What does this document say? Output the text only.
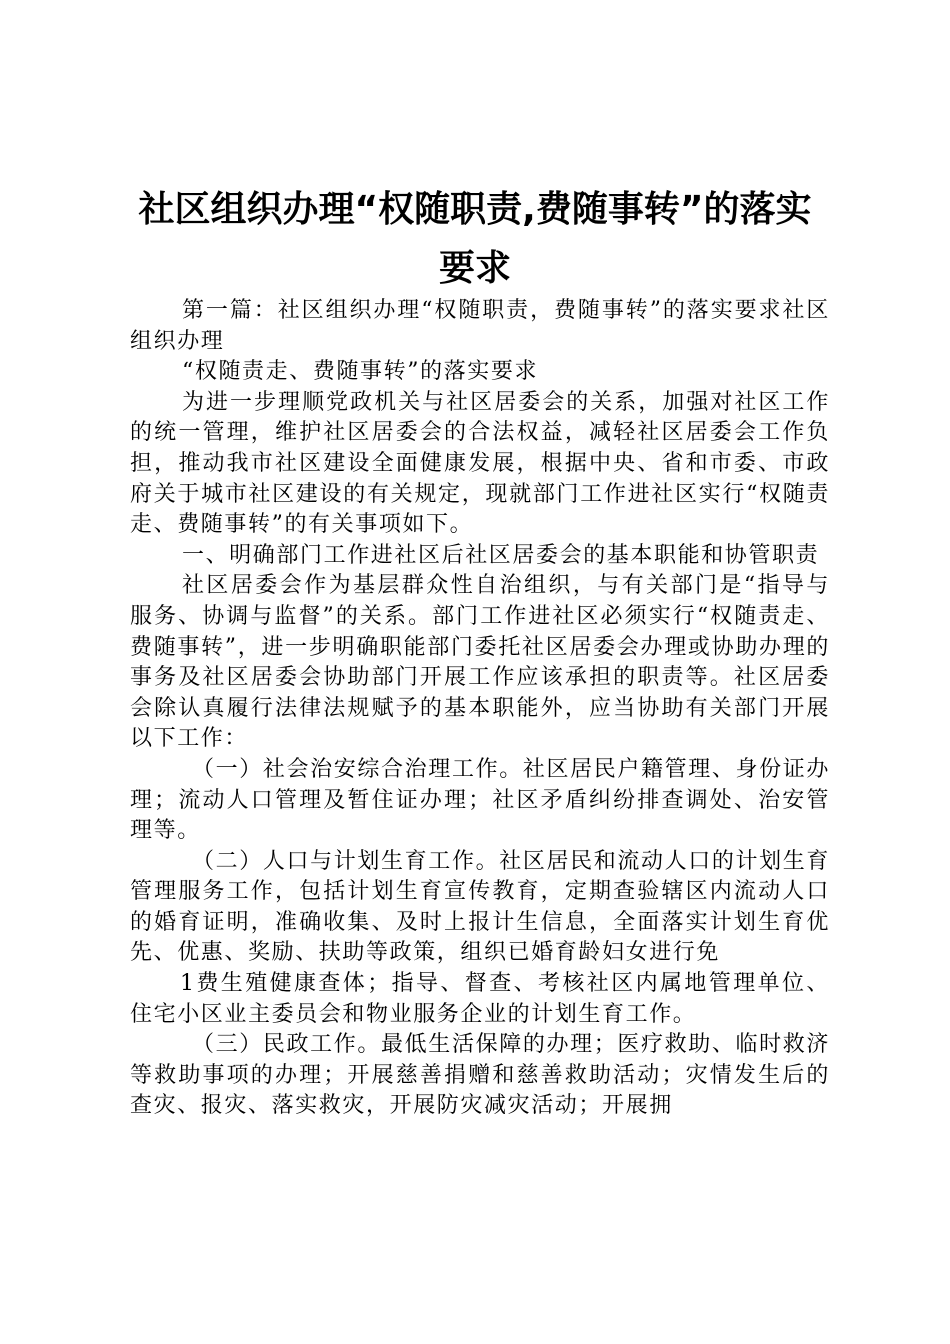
社区组织办理“权随职责,费随事转”的落实
要求

第一篇：社区组织办理“权随职责，费随事转”的落实要求社区组织办理

“权随责走、费随事转”的落实要求

为进一步理顺党政机关与社区居委会的关系，加强对社区工作的统一管理，维护社区居委会的合法权益，减轻社区居委会工作负担，推动我市社区建设全面健康发展，根据中央、省和市委、市政府关于城市社区建设的有关规定，现就部门工作进社区实行“权随责走、费随事转”的有关事项如下。

一、明确部门工作进社区后社区居委会的基本职能和协管职责

社区居委会作为基层群众性自治组织，与有关部门是“指导与服务、协调与监督”的关系。部门工作进社区必须实行“权随责走、费随事转”，进一步明确职能部门委托社区居委会办理或协助办理的事务及社区居委会协助部门开展工作应该承担的职责等。社区居委会除认真履行法律法规赋予的基本职能外，应当协助有关部门开展以下工作：

（一）社会治安综合治理工作。社区居民户籍管理、身份证办理；流动人口管理及暂住证办理；社区矛盾纠纷排查调处、治安管理等。

（二）人口与计划生育工作。社区居民和流动人口的计划生育管理服务工作，包括计划生育宣传教育，定期查验辖区内流动人口的婚育证明，准确收集、及时上报计生信息，全面落实计划生育优先、优惠、奖励、扶助等政策，组织已婚育龄妇女进行免

1费生殖健康查体；指导、督查、考核社区内属地管理单位、住宅小区业主委员会和物业服务企业的计划生育工作。

（三）民政工作。最低生活保障的办理；医疗救助、临时救济等救助事项的办理；开展慈善捐赠和慈善救助活动；灾情发生后的查灾、报灾、落实救灾，开展防灾减灾活动；开展拥
